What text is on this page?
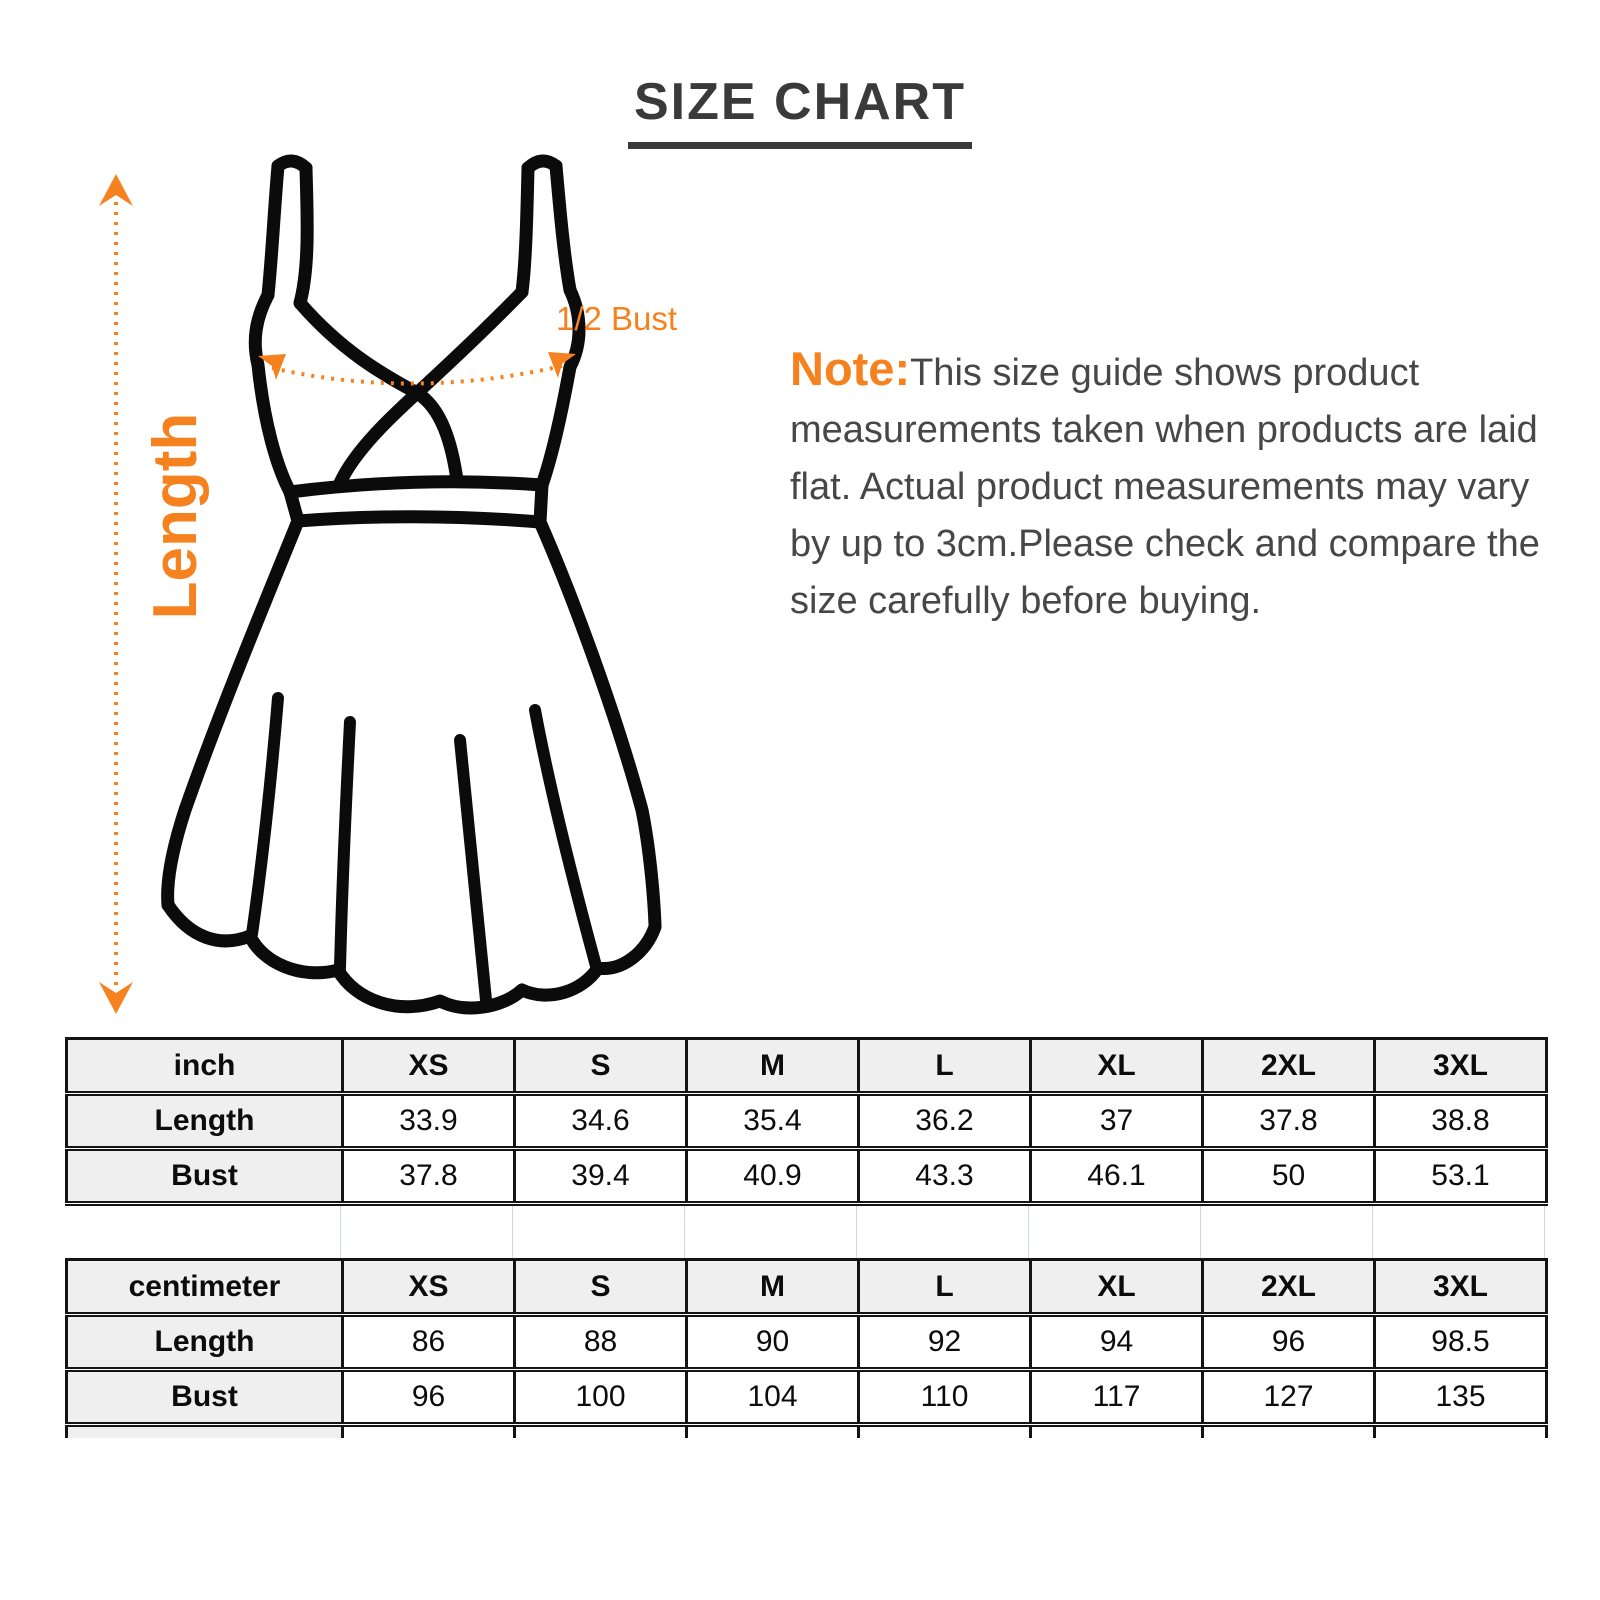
SIZE CHART
Length
1/2 Bust
Note:This size guide shows product measurements taken when products are laid flat. Actual product measurements may vary by up to 3cm.Please check and compare the size carefully before buying.
inch	XS	S	M	L	XL	2XL	3XL
Length	33.9	34.6	35.4	36.2	37	37.8	38.8
Bust	37.8	39.4	40.9	43.3	46.1	50	53.1
centimeter	XS	S	M	L	XL	2XL	3XL
Length	86	88	90	92	94	96	98.5
Bust	96	100	104	110	117	127	135
